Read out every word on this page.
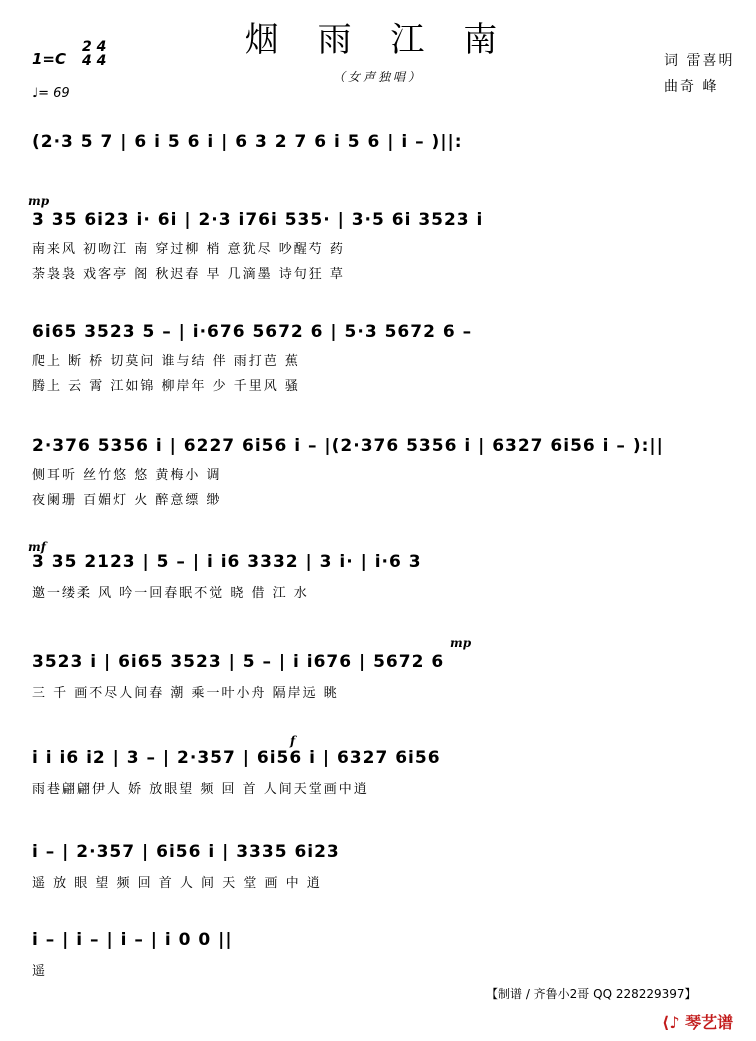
烟 雨 江 南
（女声独唱）
1=C
2 4
4 4
♩= 69
词 雷喜明
曲奇 峰
(2·3 5 7 | 6 i 5 6 i | 6 3 2 7 6 i 5 6 | i – )||:
mp
3 35 6i23 i· 6i | 2·3 i76i 535· | 3·5 6i 3523 i
南来风 初吻江 南 穿过柳 梢 意犹尽 吵醒芍 药
荼袅袅 戏客亭 阁 秋迟春 早 几滴墨 诗句狂 草
6i65 3523 5 – | i·676 5672 6 | 5·3 5672 6 –
爬上 断 桥 切莫问 谁与结 伴 雨打芭 蕉
腾上 云 霄 江如锦 柳岸年 少 千里风 骚
2·376 5356 i | 6227 6i56 i – |(2·376 5356 i | 6327 6i56 i – ):||
侧耳听 丝竹悠 悠 黄梅小 调
夜阑珊 百媚灯 火 醉意缥 缈
mf
3 35 2123 | 5 – | i i6 3332 | 3 i· | i·6 3
邀一缕柔 风 吟一回春眠不觉 晓 借 江 水
mp
3523 i | 6i65 3523 | 5 – | i i676 | 5672 6
三 千 画不尽人间春 潮 乘一叶小舟 隔岸远 眺
f
i i i6 i2 | 3 – | 2·357 | 6i56 i | 6327 6i56
雨巷翩翩伊人 娇 放眼望 频 回 首 人间天堂画中逍
i – | 2·357 | 6i56 i | 3335 6i23
遥 放 眼 望 频 回 首 人 间 天 堂 画 中 逍
i – | i – | i – | i 0 0 ||
遥
【制谱 / 齐鲁小2哥 QQ 228229397】
⟨♪ 琴艺谱
